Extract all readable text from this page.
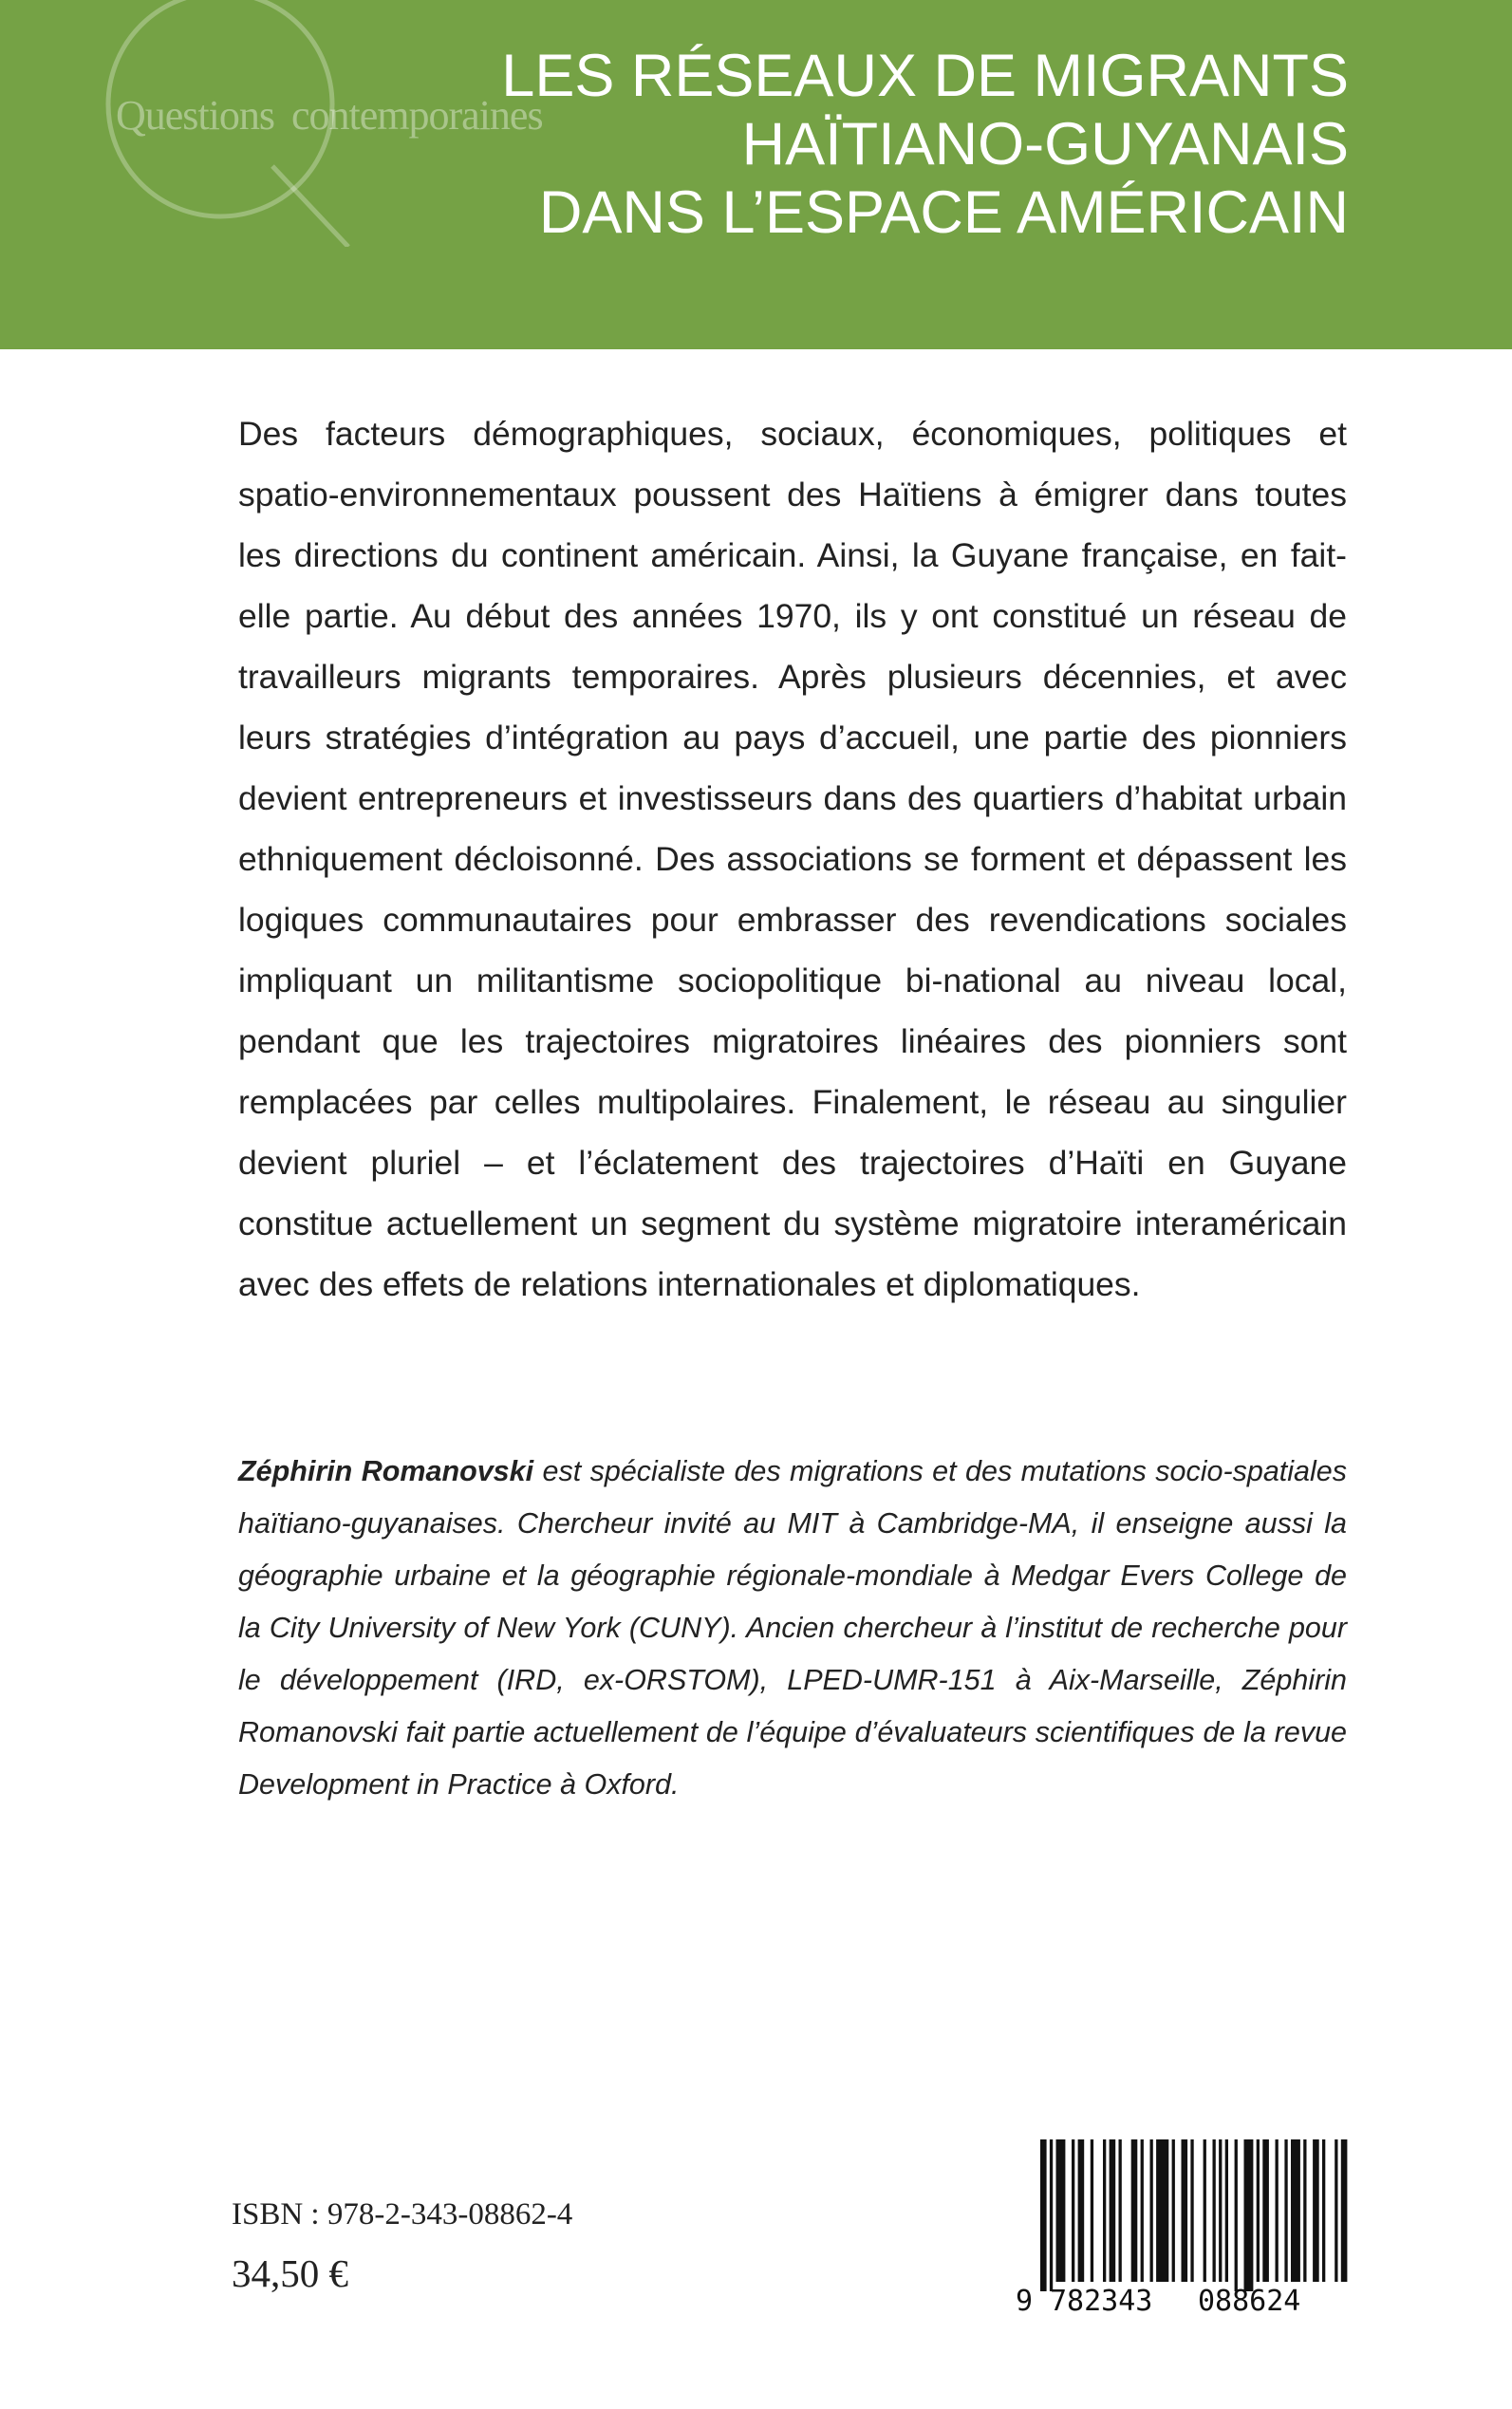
Questions contemporaines

LES RÉSEAUX DE MIGRANTS
HAÏTIANO-GUYANAIS
DANS L’ESPACE AMÉRICAIN

Des facteurs démographiques, sociaux, économiques, politiques et spatio-environnementaux poussent des Haïtiens à émigrer dans toutes les directions du continent américain. Ainsi, la Guyane française, en fait-elle partie. Au début des années 1970, ils y ont constitué un réseau de travailleurs migrants temporaires. Après plusieurs décennies, et avec leurs stratégies d’intégration au pays d’accueil, une partie des pionniers devient entrepreneurs et investisseurs dans des quartiers d’habitat urbain ethniquement décloisonné. Des associations se forment et dépassent les logiques communautaires pour embrasser des revendications sociales impliquant un militantisme sociopolitique bi-national au niveau local, pendant que les trajectoires migratoires linéaires des pionniers sont remplacées par celles multipolaires. Finalement, le réseau au singulier devient pluriel – et l’éclatement des trajectoires d’Haïti en Guyane constitue actuellement un segment du système migratoire interaméricain avec des effets de relations internationales et diplomatiques.

Zéphirin Romanovski est spécialiste des migrations et des mutations socio-spatiales haïtiano-guyanaises. Chercheur invité au MIT à Cambridge-MA, il enseigne aussi la géographie urbaine et la géographie régionale-mondiale à Medgar Evers College de la City University of New York (CUNY). Ancien chercheur à l’institut de recherche pour le développement (IRD, ex-ORSTOM), LPED-UMR-151 à Aix-Marseille, Zéphirin Romanovski fait partie actuellement de l’équipe d’évaluateurs scientifiques de la revue Development in Practice à Oxford.

ISBN : 978-2-343-08862-4

34,50 €

9 782343 088624
